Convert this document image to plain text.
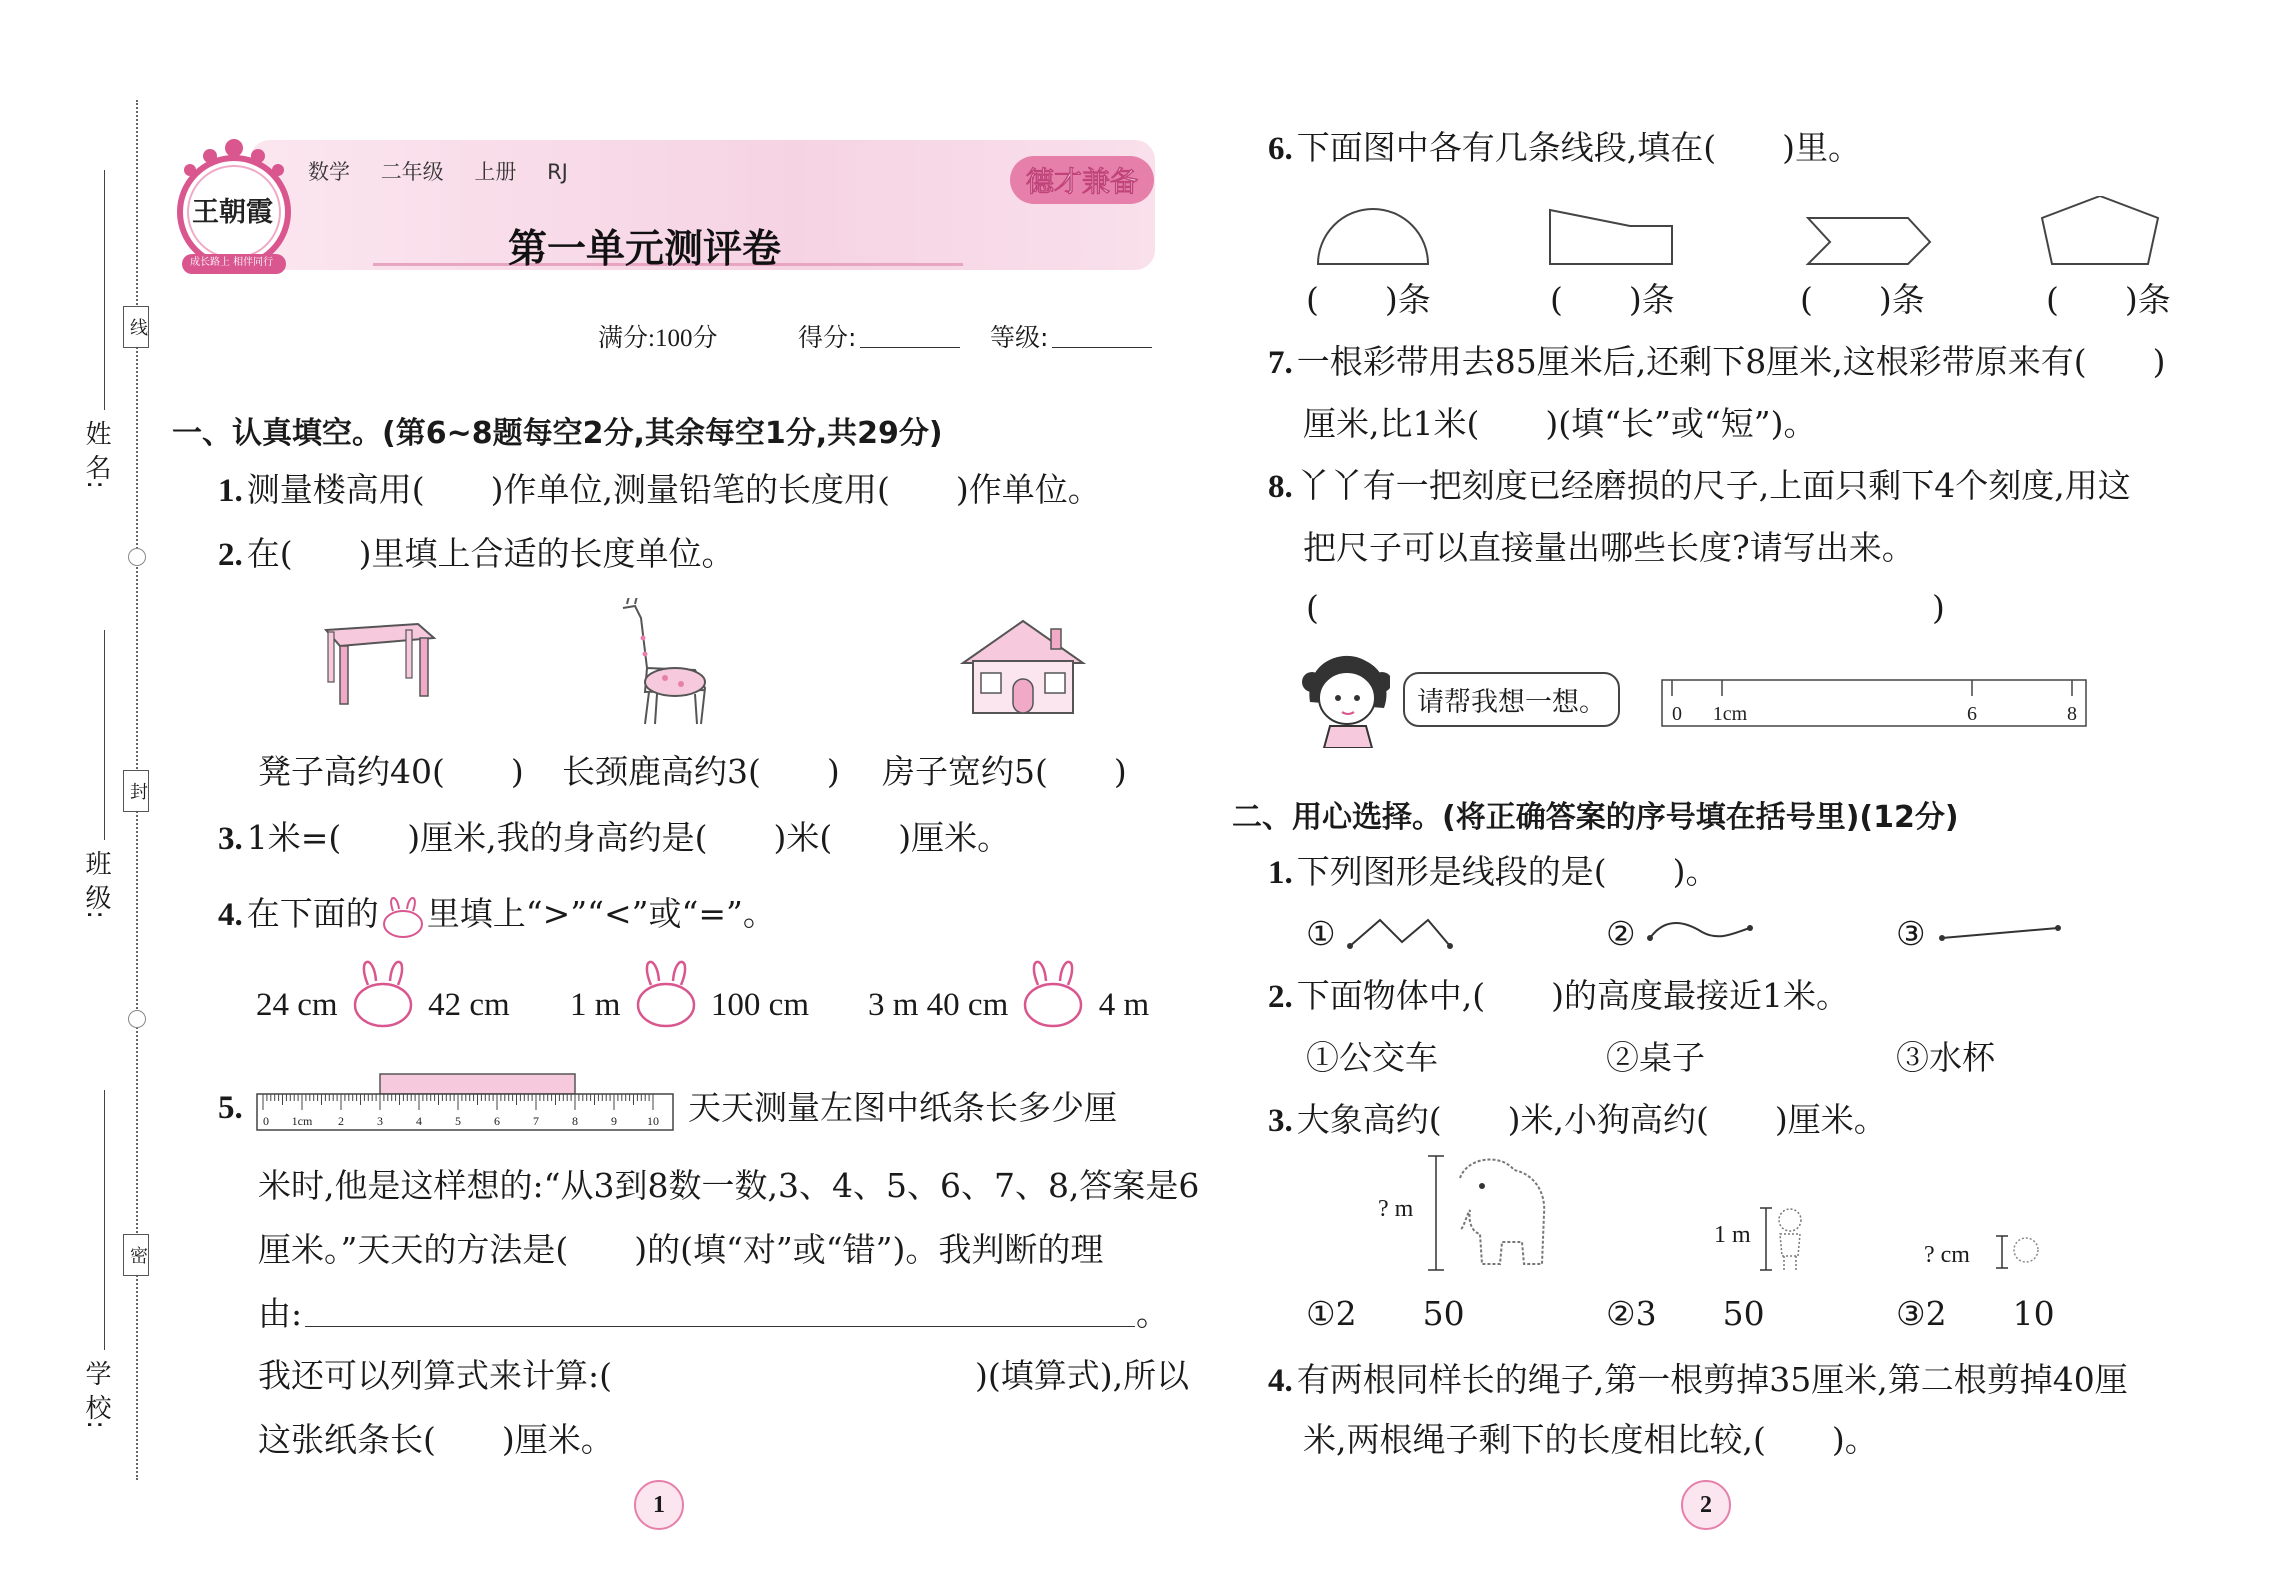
姓 名:
班 级:
学 校:
线
封
密
王朝霞
成长路上 相伴同行
数学 二年级 上册 RJ	德才兼备
第一单元测评卷
满分:100分	得分:	等级:
一、认真填空。(第6~8题每空2分,其余每空1分,共29分)
1. 测量楼高用(　　)作单位,测量铅笔的长度用(　　)作单位。
2. 在(　　)里填上合适的长度单位。
凳子高约40(　　) 长颈鹿高约3(　　) 房子宽约5(　　)
3. 1米=(　　)厘米,我的身高约是(　　)米(　　)厘米。
4. 在下面的 里填上“>”“<”或“=”。
24 cm	42 cm 1 m	100 cm 3 m 40 cm	4 m
5. 0 1cm 2	3	4	5	6	7	8	9	10 天天测量左图中纸条长多少厘
米时,他是这样想的:“从3到8数一数,3、4、5、6、7、8,答案是6
厘米。”天天的方法是(　　)的(填“对”或“错”)。我判断的理
由:	。
我还可以列算式来计算:(　　　　　　　　　　　)(填算式),所以
这张纸条长(　　)厘米。
1
6. 下面图中各有几条线段,填在(　　)里。
(　　)条	(　　)条	(　　)条	(　　)条
7. 一根彩带用去85厘米后,还剩下8厘米,这根彩带原来有(　　)
厘米,比1米(　　)(填“长”或“短”)。
8. 丫丫有一把刻度已经磨损的尺子,上面只剩下4个刻度,用这
把尺子可以直接量出哪些长度?请写出来。
(	)
请帮我想一想。	0 1cm	6	8
二、用心选择。(将正确答案的序号填在括号里)(12分)
1. 下列图形是线段的是(　　)。
①	②	③
2. 下面物体中,(　　)的高度最接近1米。
①公交车	②桌子	③水杯
3. 大象高约(　　)米,小狗高约(　　)厘米。
? m
1 m
? cm
①2　　50	②3　　50	③2　　10
4. 有两根同样长的绳子,第一根剪掉35厘米,第二根剪掉40厘
米,两根绳子剩下的长度相比较,(　　)。
2
